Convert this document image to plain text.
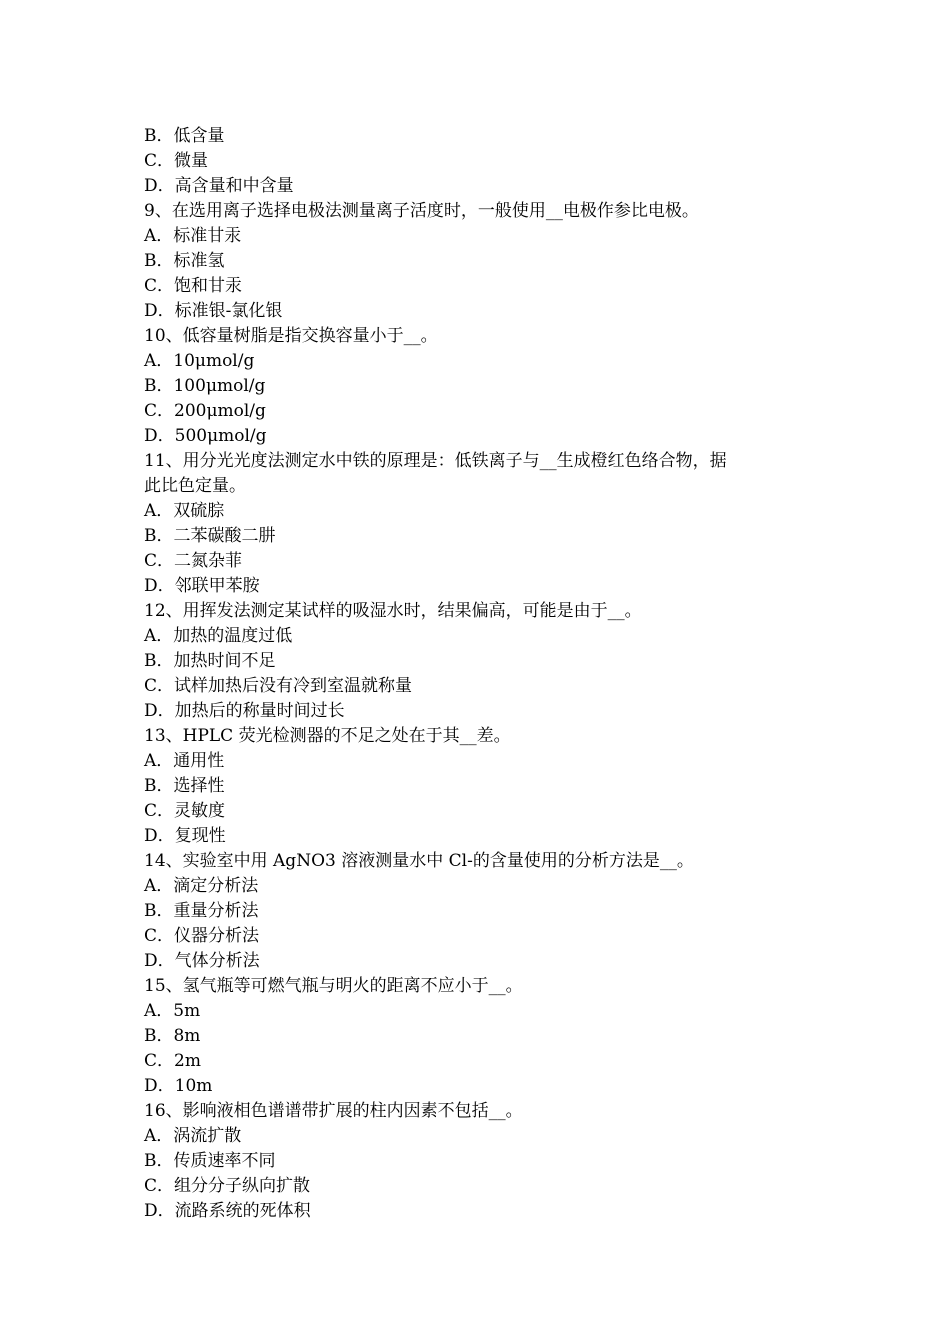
B．低含量

C．微量

D．高含量和中含量

9、在选用离子选择电极法测量离子活度时，一般使用__电极作参比电极。

A．标准甘汞

B．标准氢

C．饱和甘汞

D．标准银-氯化银

10、低容量树脂是指交换容量小于__。

A．10μmol/g

B．100μmol/g

C．200μmol/g

D．500μmol/g

11、用分光光度法测定水中铁的原理是：低铁离子与__生成橙红色络合物，据

此比色定量。

A．双硫腙

B．二苯碳酸二肼

C．二氮杂菲

D．邻联甲苯胺

12、用挥发法测定某试样的吸湿水时，结果偏高，可能是由于__。

A．加热的温度过低

B．加热时间不足

C．试样加热后没有冷到室温就称量

D．加热后的称量时间过长

13、HPLC 荧光检测器的不足之处在于其__差。

A．通用性

B．选择性

C．灵敏度

D．复现性

14、实验室中用 AgNO3 溶液测量水中 Cl-的含量使用的分析方法是__。

A．滴定分析法

B．重量分析法

C．仪器分析法

D．气体分析法

15、氢气瓶等可燃气瓶与明火的距离不应小于__。

A．5m

B．8m

C．2m

D．10m

16、影响液相色谱谱带扩展的柱内因素不包括__。

A．涡流扩散

B．传质速率不同

C．组分分子纵向扩散

D．流路系统的死体积
